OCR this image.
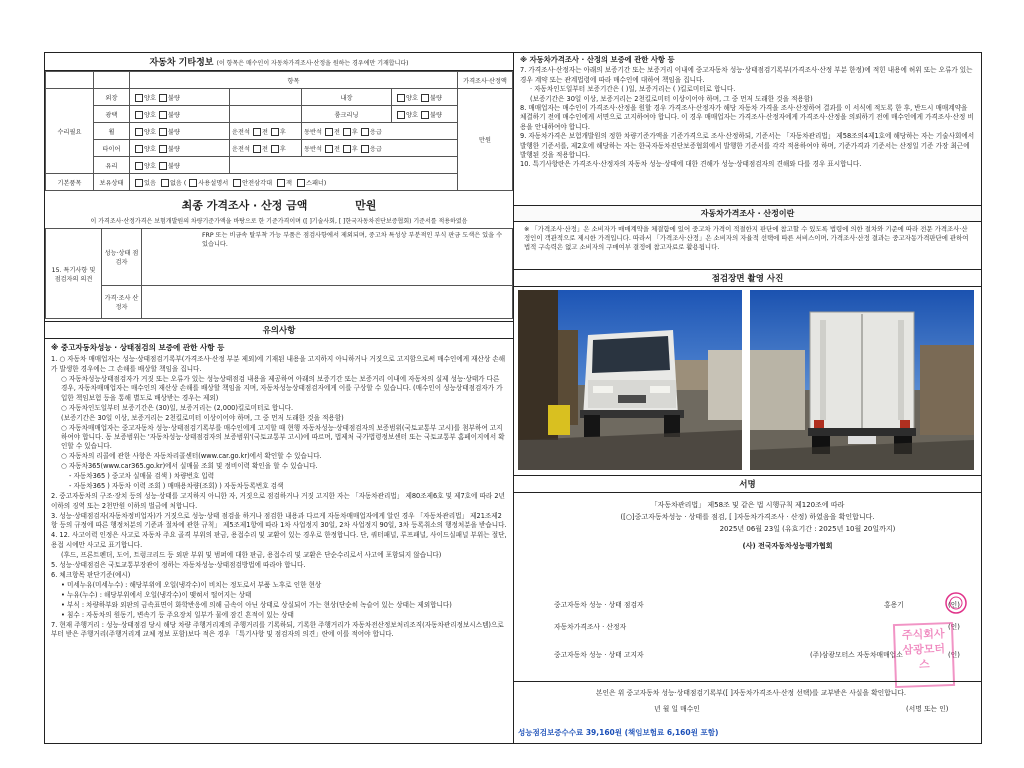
자동차 기타정보 (이 항목은 매수인이 자동차가격조사·산정을 원하는 경우에만 기재합니다)
		항목				가격조사·산정액
수리필요	외장	양호 불량		내장	양호 불량	만원
	광택	양호 불량		룸크리닝	양호 불량	
	휠	양호 불량	운전석 전 후	동반석 전 후 응급		
	타이어	양호 불량	운전석 전 후	동반석 전 후 응급		
	유리	양호 불량				
기본품목	보유상태	있음 없음 ( 사용설명서 안전삼각대 잭 스패너)				
최종 가격조사 · 산정 금액	만원
이 가격조사·산정가격은 보험개발원의 차량기준가액을 바탕으로 한 기준가격이며 ([ ]기술사회, [ ]한국자동차진단보증협회) 기준서를 적용하였음
15. 특기사항 및 점검자의 의견	성능·상태 점검자	FRP 또는 비금속 탈부착 가능 부품은 점검사항에서 제외되며, 중고차 특성상 부분적인 부식 판금 도색은 있을 수 있습니다.
	가격·조사 산정자	
유의사항
※ 중고자동차성능 · 상태점검의 보증에 관한 사항 등

1. ○ 자동차 매매업자는 성능·상태점검기록부(가격조사·산정 부분 제외)에 기재된 내용을 고지하지 아니하거나 거짓으로 고지함으로써 매수인에게 재산상 손해가 발생한 경우에는 그 손해를 배상할 책임을 집니다.

○ 자동차성능상태점검자가 거짓 또는 오류가 있는 성능상태점검 내용을 제공하여 아래의 보증기간 또는 보증거리 이내에 자동차의 실제 성능·상태가 다른 경우, 자동차매매업자는 매수인의 재산상 손해를 배상할 책임을 지며, 자동차성능상태점검자에게 이를 구상할 수 있습니다. (매수인이 성능상태점검자가 가입한 책임보험 등을 통해 별도로 배상받는 경우는 제외)

○ 자동차인도일부터 보증기간은 (30)일, 보증거리는 (2,000)킬로미터로 합니다.

(보증기간은 30일 이상, 보증거리는 2천킬로미터 이상이어야 하며, 그 중 먼저 도래한 것을 적용함)

○ 자동차매매업자는 중고자동차 성능·상태점검기록부를 매수인에게 고지할 때 현행 자동차성능·상태점검자의 보증범위(국토교통부 고시)를 첨부하여 고지하여야 합니다. 동 보증범위는 '자동차성능·상태점검자의 보증범위'(국토교통부 고시)에 따르며, 법제처 국가법령정보센터 또는 국토교통부 홈페이지에서 확인할 수 있습니다.

○ 자동차의 리콜에 관한 사항은 자동차리콜센터(www.car.go.kr)에서 확인할 수 있습니다.

○ 자동차365(www.car365.go.kr)에서 실매물 조회 및 정비이력 확인을 할 수 있습니다.

- 자동차365 ) 중고차 실매물 검색 ) 차량번호 입력

- 자동차365 ) 자동차 이력 조회 ) 매매용차량(조회) ) 자동차등록번호 검색

2. 중고자동차의 구조·장치 등의 성능·상태를 고지하지 아니한 자, 거짓으로 점검하거나 거짓 고지한 자는 「자동차관리법」 제80조제6호 및 제7호에 따라 2년 이하의 징역 또는 2천만원 이하의 벌금에 처합니다.

3. 성능·상태점검자(자동차정비업자)가 거짓으로 성능·상태 점검을 하거나 점검한 내용과 다르게 자동차매매업자에게 알린 경우 「자동차관리법」 제21조제2항 등의 규정에 따른 행정처분의 기준과 절차에 관한 규칙」 제5조제1항에 따라 1차 사업정지 30일, 2차 사업정지 90일, 3차 등록취소의 행정처분을 받습니다.

4. 12. 사고이력 인정은 사고로 자동차 주요 골격 부위의 판금, 용접수리 및 교환이 있는 경우로 한정합니다. 단, 쿼터패널, 루프패널, 사이드실패널 부위는 절단, 용접 시에만 사고로 표기합니다.

(후드, 프론트펜더, 도어, 트렁크리드 등 외판 부위 및 범퍼에 대한 판금, 용접수리 및 교환은 단순수리로서 사고에 포함되지 않습니다)

5. 성능·상태점검은 국토교통부장관이 정하는 자동차성능·상태점검방법에 따라야 합니다.

6. 체크항목 판단기준(예시)

• 미세누유(미세누수) : 해당부위에 오일(냉각수)이 비치는 정도로서 부품 노후로 인한 현상

• 누유(누수) : 해당부위에서 오일(냉각수)이 맺혀서 떨어지는 상태

• 부식 : 차량하부와 외판의 금속표면이 화학반응에 의해 금속이 아닌 상태로 상실되어 가는 현상(단순히 녹슬어 있는 상태는 제외합니다)

• 침수 : 자동차의 원동기, 변속기 등 주요장치 일부가 물에 잠긴 흔적이 있는 상태

7. 현재 주행거리 : 성능·상태점검 당시 해당 차량 주행거리계의 주행거리를 기록하되, 기록한 주행거리가 자동차전산정보처리조직(자동차관리정보시스템)으로부터 받은 주행거리(주행거리계 교체 정보 포함)보다 적은 경우 「특기사항 및 점검자의 의견」란에 이를 적어야 합니다.

※ 자동차가격조사 · 산정의 보증에 관한 사항 등

7. 가격조사·산정자는 아래의 보증기간 또는 보증거리 이내에 중고자동차 성능·상태점검기록부(가격조사·산정 부분 한정)에 적힌 내용에 허위 또는 오류가 있는 경우 계약 또는 관계법령에 따라 매수인에 대하여 책임을 집니다.

· 자동차인도일부터 보증기간은 ( )일, 보증거리는 ( )킬로미터로 합니다.

(보증기간은 30일 이상, 보증거리는 2천킬로미터 이상이어야 하며, 그 중 먼저 도래한 것을 적용함)

8. 매매업자는 매수인이 가격조사·산정을 원할 경우 가격조사·산정자가 해당 자동차 가격을 조사·산정하여 결과를 이 서식에 적도록 한 후, 반드시 매매계약을 체결하기 전에 매수인에게 서면으로 고지하여야 합니다. 이 경우 매매업자는 가격조사·산정자에게 가격조사·산정을 의뢰하기 전에 매수인에게 가격조사·산정 비용을 안내하여야 합니다.

9. 자동차가격은 보험개발원의 정한 차량기준가액을 기준가격으로 조사·산정하되, 기준서는 「자동차관리법」 제58조의4제1호에 해당하는 자는 기술사회에서 발행한 기준서를, 제2호에 해당하는 자는 한국자동차진단보증협회에서 발행한 기준서를 각각 적용하여야 하며, 기준가격과 기준서는 산정일 기준 가장 최근에 발행된 것을 적용합니다.

10. 특기사항란은 가격조사·산정자의 자동차 성능·상태에 대한 견해가 성능·상태점검자의 견해와 다를 경우 표시합니다.

자동차가격조사 · 산정이란
※ 「가격조사·산정」은 소비자가 매매계약을 체결함에 있어 중고차 가격이 적절한지 판단에 참고할 수 있도록 법령에 의한 절차와 기준에 따라 전문 가격조사·산정인이 객관적으로 제시한 가격입니다. 따라서 「가격조사·산정」은 소비자의 자율적 선택에 따른 서비스이며, 가격조사·산정 결과는 중고자동가격판단에 관하여 법적 구속력은 없고 소비자의 구매여부 결정에 참고자료로 활용됩니다.
점검장면 촬영 사진
서명
「자동차관리법」 제58조 및 같은 법 시행규칙 제120조에 따라
([○]중고자동차성능 · 상태를 점검, [ ]자동차가격조사 · 산정) 하였음을 확인합니다.
2025년 06월 23일 (유효기간 : 2025년 10월 20일까지)
(사) 전국자동차성능평가협회
중고자동차 성능 · 상태 점검자	홍용기	(인)
자동차가격조사 · 산정자	(인)
중고자동차 성능 · 상태 고지자	(주)삼광모터스 자동차매매업소	(인)
주식회사 삼광모터스
본인은 위 중고자동차 성능·상태점검기록부([ ]자동차가격조사·산정 선택)를 교부받은 사실을 확인합니다.
년 월 일 매수인	(서명 또는 인)
성능점검보증수수료 39,160원 (책임보험료 6,160원 포함)
